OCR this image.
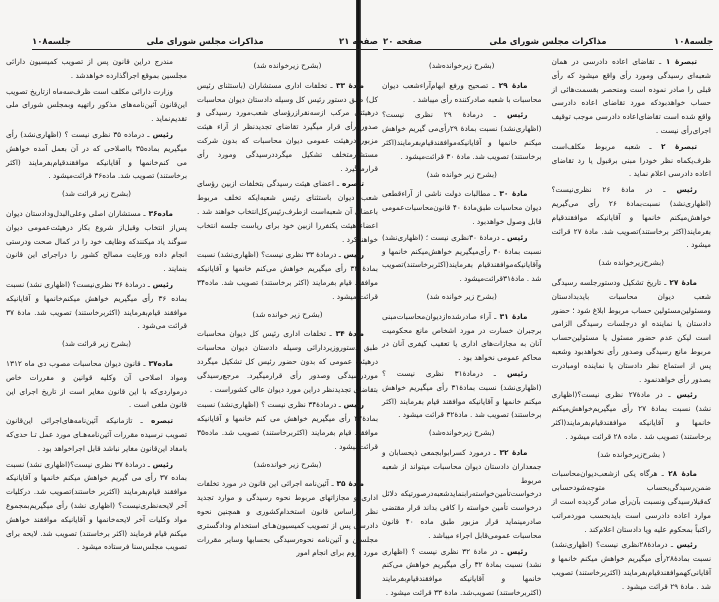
صفحه ۲۱
مذاکرات مجلس شورای ملی
جلسه۱۰۸

(بشرح زیرخوانده شد)

مادهٔ ۳۳ ـ تخلفات اداری مستشاران (باستثنای رئیس کل) طبق دستور رئیس کل وسیله دادستان دیوان محاسبات درهیئتی مرکب ازسه‌نفرازرؤسای شعب‌مورد رسیدگی و صدور رأی قرار میگیرد تقاضای تجدیدنظر از آراء هیئت مزبور درهیئت عمومی دیوان محاسبات که بدون شرکت مستشارمتخلف تشکیل میگردد‌رسیدگی ومورد رأی قرارمیگیرد .

تبصره ـ اعضای هیئت رسیدگی بتخلفات ازبین رؤسای شعب دیوان باستثنای رئیس شعبه‌ایکه تخلف مربوط باعضای آن شعبه‌است ازطرف‌رئیس‌کل‌انتخاب خواهند شد . اعضاء هیئت یکنفررا ازبین خود برای ریاست جلسه انتخاب خواهندکرد .

رئیس ـ درمادهٔ ۳۳ نظری نیست؟ (اظهاری‌نشد) نسبت بمادهٔ ۳۳ رأی میگیریم خواهش می‌کنم خانمها و آقایانیکه موافقند قیام بفرمایند (اکثر برخاستند) تصویب شد. ماده۳۴ قرائت میشود .

(بشرح زیر خوانده شد)

مادهٔ ۳۴ ـ تخلفات اداری رئیس کل دیوان محاسبات طبق دستوروزیردارائی وسیله دادستان دیوان محاسبات درهیئت عمومی که بدون حضور رئیس کل تشکیل میگردد مورد‌رسیدگی وصدور رأی قرارمیگیرد. مرجع‌رسیدگی بتقاضای تجدیدنظر دراین مورد دیوان عالی کشوراست .

رئیس ـ درمادهٔ۳۴ نظری نیست ؟ (اظهاری‌نشد) نسبت بمادهٔ۳۴ رأی میگیریم خواهش می کنم خانمها و آقایانیکه موافقند قیام بفرمایند (اکثربرخاستند) تصویب شد. ماده۳۵ قرائت‌میشود .

(بشرح زیر خوانده‌شد)

مادهٔ ۳۵ ـ آئین‌نامه اجرائی این قانون در مورد تخلفات اداری و مجازاتهای مربوط نحوه رسیدگی و موارد تجدید نظر براساس قانون استخدام‌کشوری و همچنین نحوه دادرسی پس از تصویب کمیسیون‌هـای استخدام ودادگستری مجلسین و آئین‌نامه نحوه‌رسیدگی بحسابها وسایر مقررات مورد لزوم برای انجام امور

مندرج دراین قانون پس از تصویب کمیسیون دارائی مجلسین بموقع اجراگذارده خواهدشد .

وزارت دارائی مکلف است ظرف‌سه‌ماه ازتاریخ تصویب این‌قانون آئین‌نامه‌های مذکور راتهیه وبمجلس شورای ملی تقدیم‌نماید .

رئیس ـ درماده ۳۵ نظری نیست ؟ (اظهاری‌نشد) رأی میگیریم بماده۳۵ بااصلاحی که در آن بعمل آمده خواهش می کنم‌خانمها و آقایانیکه موافقندقیام‌بفرمایند (اکثر برخاستند) تصویب شد. ماده۳۶ قرائت‌میشود .

(بشرح زیر قرائت شد)

ماده۳۶ ـ مستشاران اصلی وعلی‌البدل‌ودادستان دیوان پس‌از انتخاب وقبل‌از شروع بکار درهیئت‌عمومی دیوان سوگند یاد میکنندکه وظایف خود را در کمال صحت ودرستی انجام داده ورعایت مصالح کشور را دراجرای این قانون بنمایند .

رئیس ـ درمادهٔ ۳۶ نظری‌نیست؟ (اظهاری نشد) نسبت بماده ۳۶ رأی میگیریم خواهش میکنم‌خانمها و آقایانیکه موافقند قیام‌بفرمایند (اکثربرخاستند) تصویب شد. مادهٔ ۳۷ قرائت می‌شود .

(بشرح زیر قرائت شد)

ماده۳۷ ـ قانون دیوان محاسبات مصوب دی ماه ۱۳۱۲ ومواد اصلاحی آن وکلیه قوانین و مقررات خاص درمواردی‌که با این قانون مغایر است از تاریخ اجرای این قانون ملغی است .

تبصره ـ تازمانیکه آئین‌نامه‌های‌اجرائی این‌قانون تصویب نرسیده مقررات آئین‌نامه‌هـای مورد عمل تـا حدی‌که بامفاد این‌قانون مغایر نباشد قابل اجراخواهد بود .

رئیس ـ درمادهٔ ۳۷ نظری نیست؟(اظهاری نشد) نسبت بماده ۳۷ رأی می گیریم خواهش میکنم خانمها و آقایانیکه موافقند قیام‌بفرمایند (اکثربر خاستند)تصویب شد. درکلیات آخر لایحه‌نظری‌نیست؟ (اظهاری نشد) رأی میگیریم‌بمجموع مواد وکلیات آخر لایحه‌خانمها و آقایانیکه موافقند خواهش میکنم قیام فرمایند (اکثر برخاستند) تصویب شد. لایحه برای تصویب مجلس‌سنا فرستاده میشود .

جلسه۱۰۸
مذاکرات مجلس شورای ملی
صفحه ۲۰

تبصرهٔ ۱ ـ تقاضای اعاده دادرسی در همان شعبه‌ای رسیدگی ومورد رأی واقع میشود که رأی قبلی را صادر نموده است ومنحصر بقسمت‌هائی از حساب خواهدبودکه مورد تقاضای اعاده دادرسی واقع شده است تقاضای‌اعاده دادرسی موجب توقیف اجرای‌رأی نیست .

تبصرهٔ ۲ ـ شعبه مربوط مکلف‌است ظرف‌یکماه نظر خودرا مبنی برقبول یا رد تقاضای اعاده دادرسی اعلام نماید .

رئیس ـ در مادهٔ ۲۶ نظری‌نیست؟ (اظهاری‌نشد) نسبت‌بمادهٔ ۲۶ رأی می‌گیریم خواهش‌میکنم خانمها و آقایانیکه موافقندقیام بفرمایند(اکثر برخاستند)تصویب شد. مادهٔ ۲۷ قرائت میشود .

(بشرح‌زیرخوانده شد)

مادهٔ ۲۷ ـ تاریخ تشکیل ودستورجلسه رسیدگی شعب دیوان محاسبات بایدبدادستان ومسئولین‌مسئولین حساب مربوط ابلاغ شود ؛ حضور دادستان یا نماینده او درجلسات رسیدگی الزامی است لیکن عدم حضور مسئول یا مسئولین‌حساب مربوط مانع رسیدگی وصدور رأی نخواهدبود وشعبه پس از استماع نظر دادستان یا نماینده اومبادرت بصدور رأی خواهدنمود .

رئیس ـ در مادهٔ۲۷ نظری نیست؟(اظهاری نشد) نسبت بمادهٔ ۲۷ رأی میگیریم‌خواهش‌میکنم خانمها و آقایانیکه موافقندقیام‌بفرمایند(اکثر برخاستند) تصویب شد . ماده ۲۸ قرائت میشود .

( بشرح‌زیرخوانده شد)

مادهٔ ۲۸ ـ هرگاه یکی ازشعب‌دیوان‌محاسبات ضمن‌رسیدگی‌بحساب متوجه‌شودحسابی که‌قبلارسیدگی ونسبت بآن‌رأی صادر گردیده است از موارد اعاده دادرسی است بایدبحسب مورد‌مراتب راکتباً بمحکوم علیه ویا دادستان اعلام‌کند .

رئیس ـ درمادهٔ۲۸نظری نیست؟ (اظهاری‌نشد) نسبت بمادهٔ۲۸رأی میگیریم خواهش میکنم خانمها و آقایانی‌کهموافقندقیام‌بفرمایند (اکثربرخاستند) تصویب شد . مادهٔ ۲۹ قرائت میشود .

(بشرح زیرخوانده‌شد)

مادهٔ ۲۹ ـ تصحیح ورفع ابهام‌آراءشعب دیوان محاسبات با شعبه صادرکننده رأی میباشد .

رئیس ـ درمادهٔ ۲۹ نظری نیست؟ (اظهاری‌نشد) نسبت بمادهٔ ۲۹رأی‌می گیریم خواهش میکنم خانمها و آقایانیکه‌موافقندقیام‌بفرمایند(اکثر برخاستند) تصویب شد. مادهٔ ۳۰ قرائت‌میشود .

(بشرح زیر خوانده شد)

مادهٔ ۳۰ ـ مطالبات دولت ناشی از آراء‌قطعی دیوان محاسبات طبق‌مادهٔ ۴۰ قانون‌محاسبات‌عمومی قابل وصول خواهدبود .

رئیس ـ درمادهٔ ۳۰نظری نیست ؛ (اظهاری‌نشد) نسبت بمادهٔ ۳۰ رأی‌میگیریم خواهش‌میکنم خانمها و وآقایانیکه‌موافقندقیام بفرمایند(اکثربرخاستند)تصویب شد . مادهٔ۳۱قرائت‌میشود .

(بشرح زیر خوانده شد)

مادهٔ ۳۱ ـ آراء صادرشده‌ازدیوان‌محاسبات‌مبنی برجبران خسارت در مورد اشخاص مانع محکومیت آنان به مجازات‌های اداری یا تعقیب کیفری آنان در محاکم عمومی نخواهد بود .

رئیس ـ درمادهٔ۳۱ نظری نیست ؟ (اظهاری‌نشد) نسبت بمادهٔ۳۱ رأی میگیریم خواهش میکنم خانمها و آقایانیکه موافقند قیام بفرمایند (اکثر برخاستند) تصویب شد . مادهٔ۳۲ قرائت میشود .

(بشرح زیرخوانده‌شد)

مادهٔ ۳۲ ـ درمورد کسرابوابجمعی ذیحسابان و جمعداران دادستان دیوان محاسبات میتواند از شعبه مربوط درخواست‌تأمین‌خواسته‌رابنمایدشعبه‌درصورتیکه دلائل درخواست تأمین خواسته را کافی بداند قرار مقتضی صادرمینماید قرار مزبور طبق ماده ۴۰ قانون محاسبات عمومی‌قابل اجراء میباشد .

رئیس ـ در مادهٔ ۳۲ نظری نیست ؟ (اظهاری نشد) نسبت بمادهٔ ۳۲ رأی میگیریم خواهش می‌کنم خانمها و آقایانیکه موافقندقیام‌بفرمایند (اکثربرخاستند) تصویب‌شد. مادهٔ ۳۳ قرائت میشود .
